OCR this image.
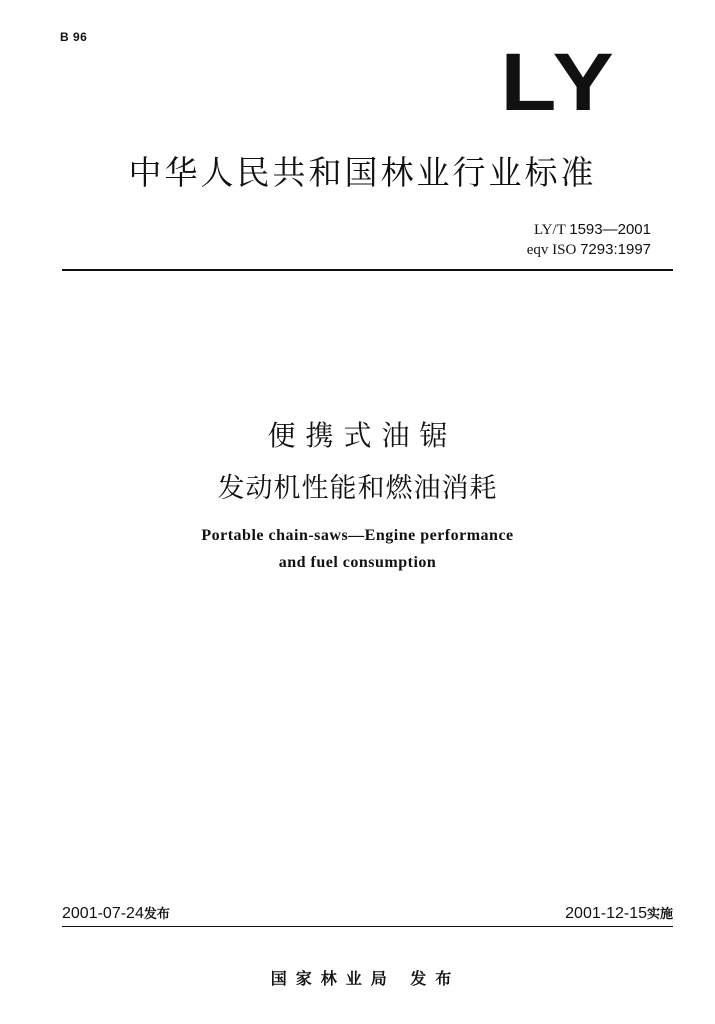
B 96	LY
中华人民共和国林业行业标准
LY/T 1593—2001
eqv ISO 7293:1997
便携式油锯
发动机性能和燃油消耗
Portable chain-saws—Engine performance
and fuel consumption
2001-07-24发布	2001-12-15实施
国家林业局 发布
